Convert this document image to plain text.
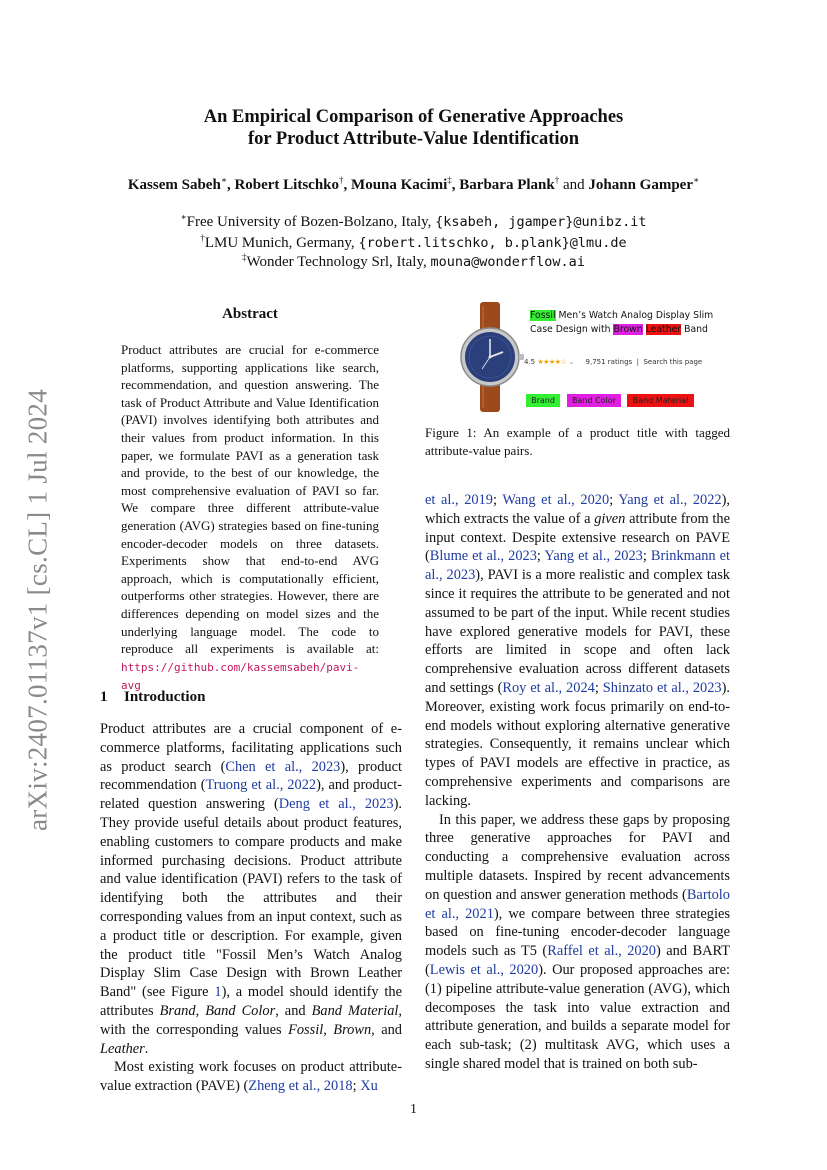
arXiv:2407.01137v1 [cs.CL] 1 Jul 2024
An Empirical Comparison of Generative Approaches
for Product Attribute-Value Identification
Kassem Sabeh∗, Robert Litschko†, Mouna Kacimi‡, Barbara Plank† and Johann Gamper∗
∗Free University of Bozen-Bolzano, Italy, {ksabeh, jgamper}@unibz.it
†LMU Munich, Germany, {robert.litschko, b.plank}@lmu.de
‡Wonder Technology Srl, Italy, mouna@wonderflow.ai
Abstract
Product attributes are crucial for e-commerce platforms, supporting applications like search, recommendation, and question answering. The task of Product Attribute and Value Identification (PAVI) involves identifying both attributes and their values from product information. In this paper, we formulate PAVI as a generation task and provide, to the best of our knowledge, the most comprehensive evaluation of PAVI so far. We compare three different attribute-value generation (AVG) strategies based on fine-tuning encoder-decoder models on three datasets. Experiments show that end-to-end AVG approach, which is computationally efficient, outperforms other strategies. However, there are differences depending on model sizes and the underlying language model. The code to reproduce all experiments is available at: https://github.com/kassemsabeh/pavi-avg
1 Introduction

Product attributes are a crucial component of e-commerce platforms, facilitating applications such as product search (Chen et al., 2023), product recommendation (Truong et al., 2022), and product-related question answering (Deng et al., 2023). They provide useful details about product features, enabling customers to compare products and make informed purchasing decisions. Product attribute and value identification (PAVI) refers to the task of identifying both the attributes and their corresponding values from an input context, such as a product title or description. For example, given the product title "Fossil Men’s Watch Analog Display Slim Case Design with Brown Leather Band" (see Figure 1), a model should identify the attributes Brand, Band Color, and Band Material, with the corresponding values Fossil, Brown, and Leather.

Most existing work focuses on product attribute-value extraction (PAVE) (Zheng et al., 2018; Xu

Fossil Men’s Watch Analog Display Slim Case Design with Brown Leather Band
4.5 ★★★★☆ ⌄ 9,751 ratings  |  Search this page
Brand	Band Color	Band Material
Figure 1: An example of a product title with tagged attribute-value pairs.

et al., 2019; Wang et al., 2020; Yang et al., 2022), which extracts the value of a given attribute from the input context. Despite extensive research on PAVE (Blume et al., 2023; Yang et al., 2023; Brinkmann et al., 2023), PAVI is a more realistic and complex task since it requires the attribute to be generated and not assumed to be part of the input. While recent studies have explored generative models for PAVI, these efforts are limited in scope and often lack comprehensive evaluation across different datasets and settings (Roy et al., 2024; Shinzato et al., 2023). Moreover, existing work focus primarily on end-to-end models without exploring alternative generative strategies. Consequently, it remains unclear which types of PAVI models are effective in practice, as comprehensive experiments and comparisons are lacking.

In this paper, we address these gaps by proposing three generative approaches for PAVI and conducting a comprehensive evaluation across multiple datasets. Inspired by recent advancements on question and answer generation methods (Bartolo et al., 2021), we compare between three strategies based on fine-tuning encoder-decoder language models such as T5 (Raffel et al., 2020) and BART (Lewis et al., 2020). Our proposed approaches are: (1) pipeline attribute-value generation (AVG), which decomposes the task into value extraction and attribute generation, and builds a separate model for each sub-task; (2) multitask AVG, which uses a single shared model that is trained on both sub-

1
